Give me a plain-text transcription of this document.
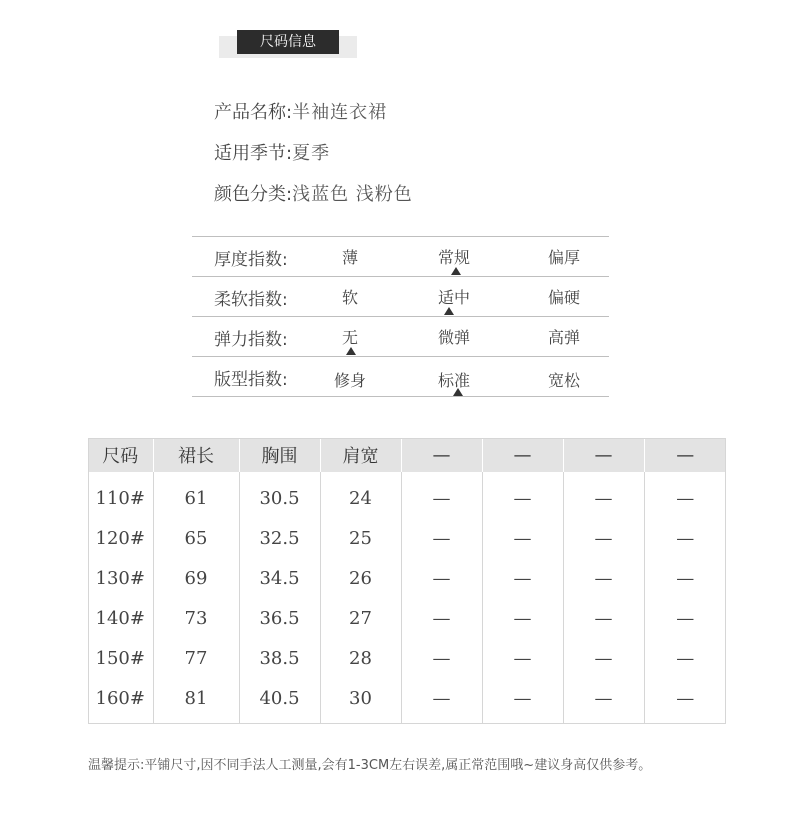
尺码信息
产品名称:半袖连衣裙
适用季节:夏季
颜色分类:浅蓝色 浅粉色
厚度指数:	薄	常规	偏厚
柔软指数:	软	适中	偏硬
弹力指数:	无	微弹	高弹
版型指数:	修身	标准	宽松
尺码	裙长	胸围	肩宽	—	—	—	—
110#	61	30.5	24	—	—	—	—
120#	65	32.5	25	—	—	—	—
130#	69	34.5	26	—	—	—	—
140#	73	36.5	27	—	—	—	—
150#	77	38.5	28	—	—	—	—
160#	81	40.5	30	—	—	—	—
温馨提示:平铺尺寸,因不同手法人工测量,会有1-3CM左右误差,属正常范围哦~建议身高仅供参考。
